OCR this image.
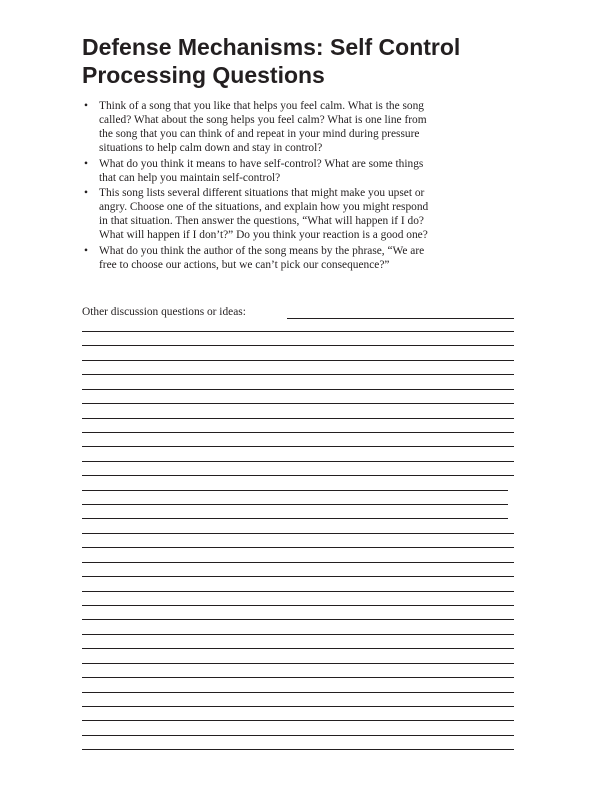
Defense Mechanisms: Self Control
Processing Questions
• Think of a song that you like that helps you feel calm. What is the song
called? What about the song helps you feel calm? What is one line from
the song that you can think of and repeat in your mind during pressure
situations to help calm down and stay in control?
• What do you think it means to have self-control? What are some things
that can help you maintain self-control?
• This song lists several different situations that might make you upset or
angry. Choose one of the situations, and explain how you might respond
in that situation. Then answer the questions, “What will happen if I do?
What will happen if I don’t?” Do you think your reaction is a good one?
• What do you think the author of the song means by the phrase, “We are
free to choose our actions, but we can’t pick our consequence?”
Other discussion questions or ideas:
